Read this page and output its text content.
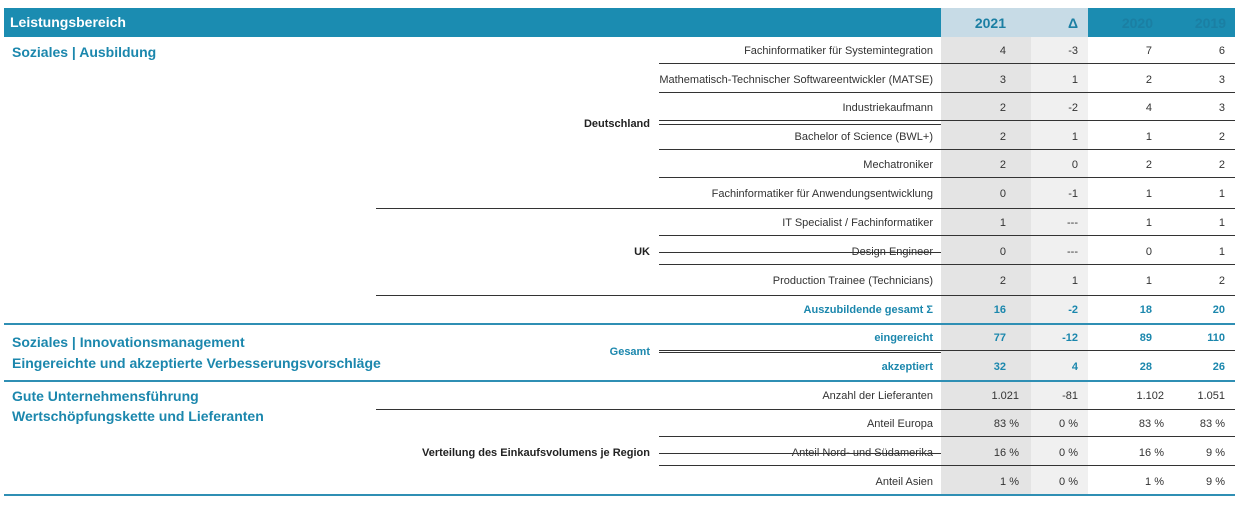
Leistungsbereich	2021	Δ	2020	2019
Soziales | Ausbildung
Deutschland
Fachinformatiker für Systemintegration	4	-3	7	6
Mathematisch-Technischer Softwareentwickler (MATSE)	3	1	2	3
Industriekaufmann	2	-2	4	3
Bachelor of Science (BWL+)	2	1	1	2
Mechatroniker	2	0	2	2
Fachinformatiker für Anwendungsentwicklung	0	-1	1	1
UK
IT Specialist / Fachinformatiker	1	---	1	1
Design Engineer	0	---	0	1
Production Trainee (Technicians)	2	1	1	2
Auszubildende gesamt Σ	16	-2	18	20
Soziales | Innovationsmanagement
Eingereichte und akzeptierte Verbesserungsvorschläge
Gesamt
eingereicht	77	-12	89	110
akzeptiert	32	4	28	26
Gute Unternehmensführung
Wertschöpfungskette und Lieferanten
Anzahl der Lieferanten	1.021	-81	1.102	1.051
Verteilung des Einkaufsvolumens je Region
Anteil Europa	83 %	0 %	83 %	83 %
Anteil Nord- und Südamerika	16 %	0 %	16 %	9 %
Anteil Asien	1 %	0 %	1 %	9 %
